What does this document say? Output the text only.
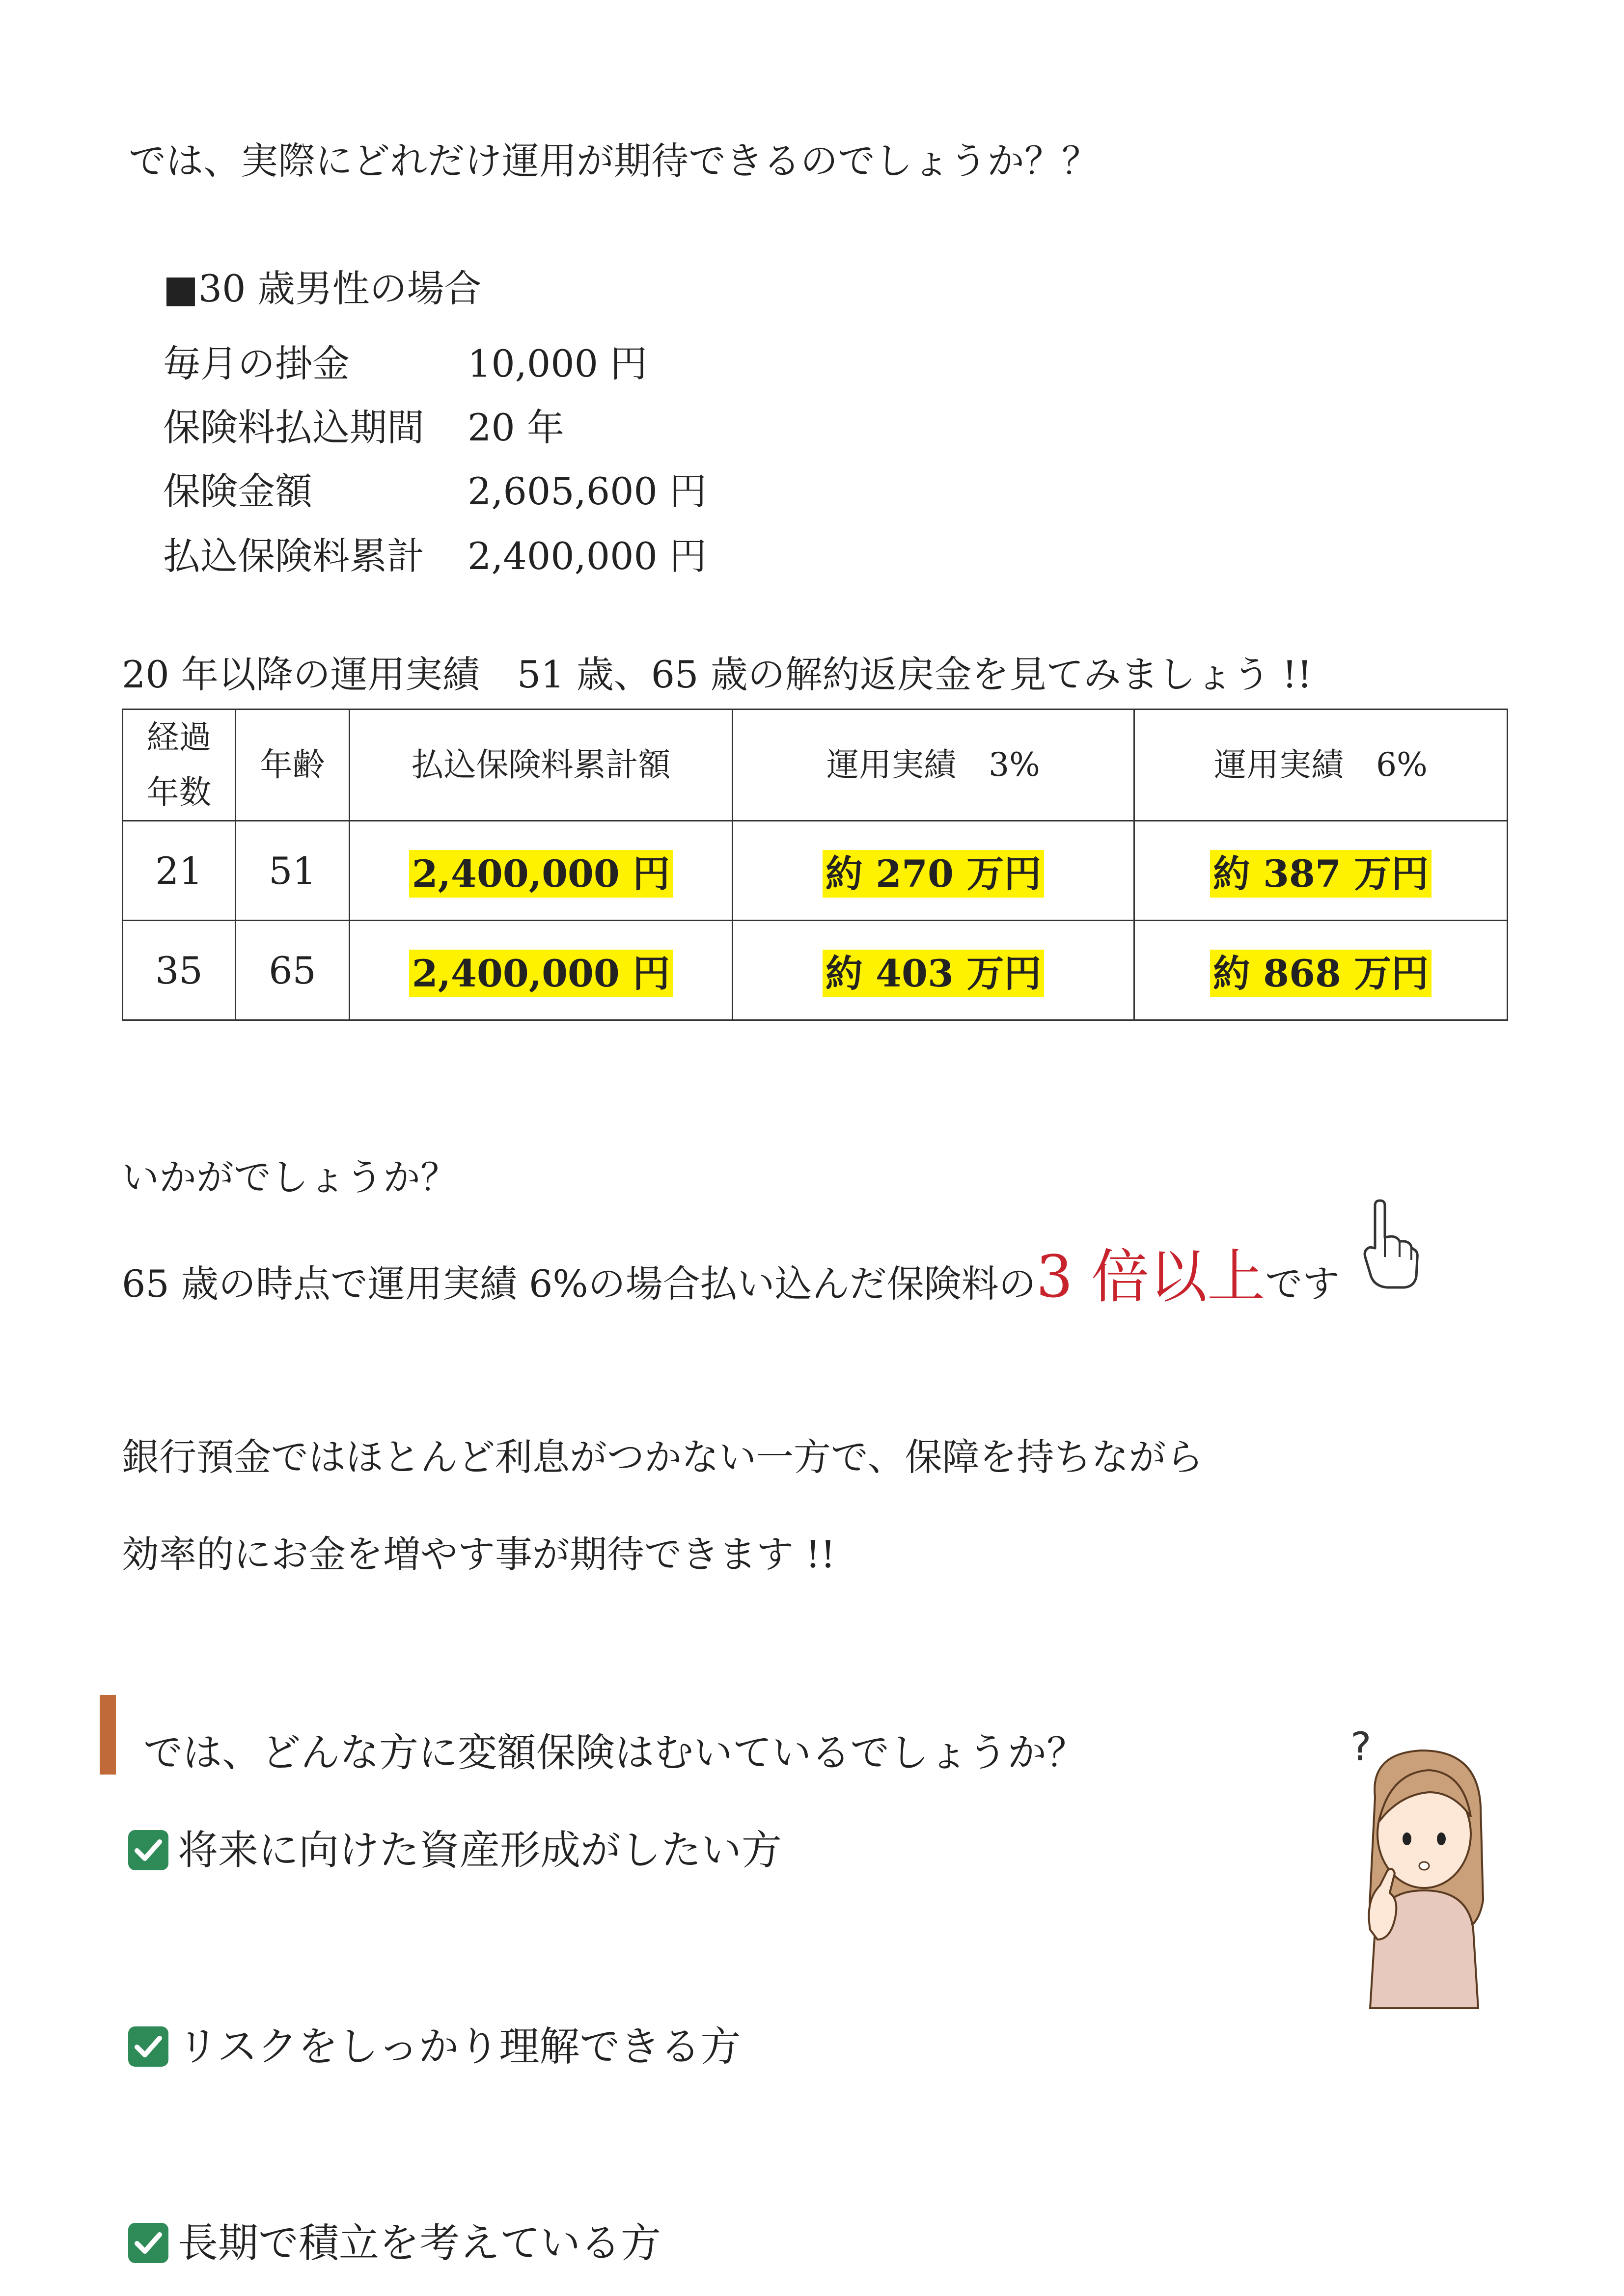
では、実際にどれだけ運用が期待できるのでしょうか？？
■30 歳男性の場合
毎月の掛金	10,000 円
保険料払込期間 20 年
保険金額	2,605,600 円
払込保険料累計 2,400,000 円
20 年以降の運用実績　51 歳、65 歳の解約返戻金を見てみましょう !!
経過
年数	年齢	払込保険料累計額	運用実績　3%	運用実績　6%
21	51	2,400,000 円	約 270 万円	約 387 万円
35	65	2,400,000 円	約 403 万円	約 868 万円
いかがでしょうか？
65 歳の時点で運用実績 6%の場合払い込んだ保険料の3 倍以上です
銀行預金ではほとんど利息がつかない一方で、保障を持ちながら
効率的にお金を増やす事が期待できます !!
では、どんな方に変額保険はむいているでしょうか？
将来に向けた資産形成がしたい方
リスクをしっかり理解できる方
長期で積立を考えている方
?
